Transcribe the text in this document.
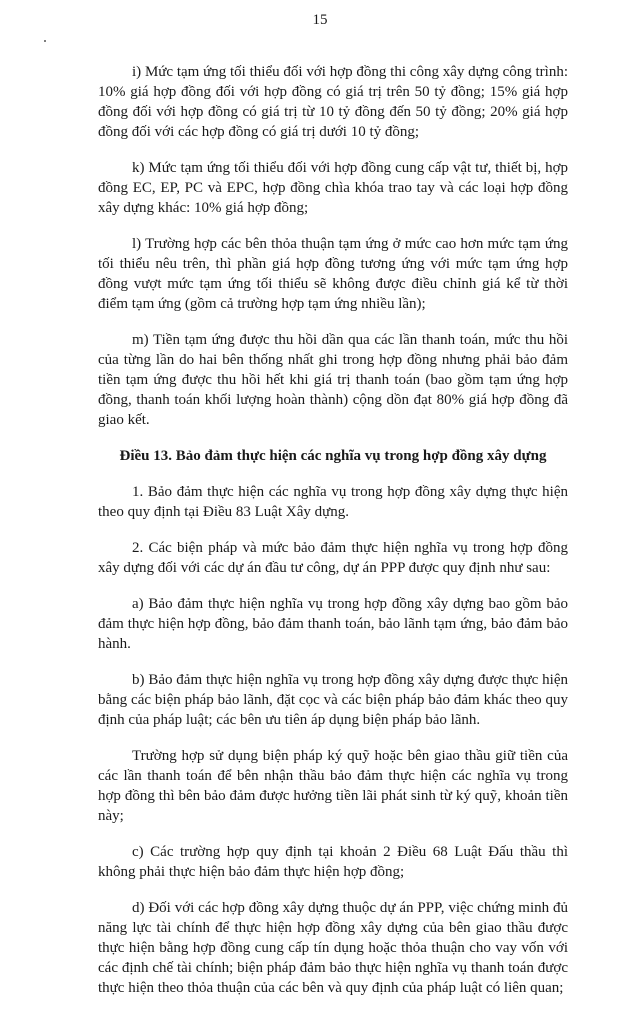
15

i) Mức tạm ứng tối thiểu đối với hợp đồng thi công xây dựng công trình: 10% giá hợp đồng đối với hợp đồng có giá trị trên 50 tỷ đồng; 15% giá hợp đồng đối với hợp đồng có giá trị từ 10 tỷ đồng đến 50 tỷ đồng; 20% giá hợp đồng đối với các hợp đồng có giá trị dưới 10 tỷ đồng;

k) Mức tạm ứng tối thiểu đối với hợp đồng cung cấp vật tư, thiết bị, hợp đồng EC, EP, PC và EPC, hợp đồng chìa khóa trao tay và các loại hợp đồng xây dựng khác: 10% giá hợp đồng;

l) Trường hợp các bên thỏa thuận tạm ứng ở mức cao hơn mức tạm ứng tối thiểu nêu trên, thì phần giá hợp đồng tương ứng với mức tạm ứng hợp đồng vượt mức tạm ứng tối thiểu sẽ không được điều chỉnh giá kể từ thời điểm tạm ứng (gồm cả trường hợp tạm ứng nhiều lần);

m) Tiền tạm ứng được thu hồi dần qua các lần thanh toán, mức thu hồi của từng lần do hai bên thống nhất ghi trong hợp đồng nhưng phải bảo đảm tiền tạm ứng được thu hồi hết khi giá trị thanh toán (bao gồm tạm ứng hợp đồng, thanh toán khối lượng hoàn thành) cộng dồn đạt 80% giá hợp đồng đã giao kết.

Điều 13. Bảo đảm thực hiện các nghĩa vụ trong hợp đồng xây dựng

1. Bảo đảm thực hiện các nghĩa vụ trong hợp đồng xây dựng thực hiện theo quy định tại Điều 83 Luật Xây dựng.

2. Các biện pháp và mức bảo đảm thực hiện nghĩa vụ trong hợp đồng xây dựng đối với các dự án đầu tư công, dự án PPP được quy định như sau:

a) Bảo đảm thực hiện nghĩa vụ trong hợp đồng xây dựng bao gồm bảo đảm thực hiện hợp đồng, bảo đảm thanh toán, bảo lãnh tạm ứng, bảo đảm bảo hành.

b) Bảo đảm thực hiện nghĩa vụ trong hợp đồng xây dựng được thực hiện bằng các biện pháp bảo lãnh, đặt cọc và các biện pháp bảo đảm khác theo quy định của pháp luật; các bên ưu tiên áp dụng biện pháp bảo lãnh.

Trường hợp sử dụng biện pháp ký quỹ hoặc bên giao thầu giữ tiền của các lần thanh toán để bên nhận thầu bảo đảm thực hiện các nghĩa vụ trong hợp đồng thì bên bảo đảm được hưởng tiền lãi phát sinh từ ký quỹ, khoản tiền này;

c) Các trường hợp quy định tại khoản 2 Điều 68 Luật Đấu thầu thì không phải thực hiện bảo đảm thực hiện hợp đồng;

d) Đối với các hợp đồng xây dựng thuộc dự án PPP, việc chứng minh đủ năng lực tài chính để thực hiện hợp đồng xây dựng của bên giao thầu được thực hiện bằng hợp đồng cung cấp tín dụng hoặc thỏa thuận cho vay vốn với các định chế tài chính; biện pháp đảm bảo thực hiện nghĩa vụ thanh toán được thực hiện theo thỏa thuận của các bên và quy định của pháp luật có liên quan;
